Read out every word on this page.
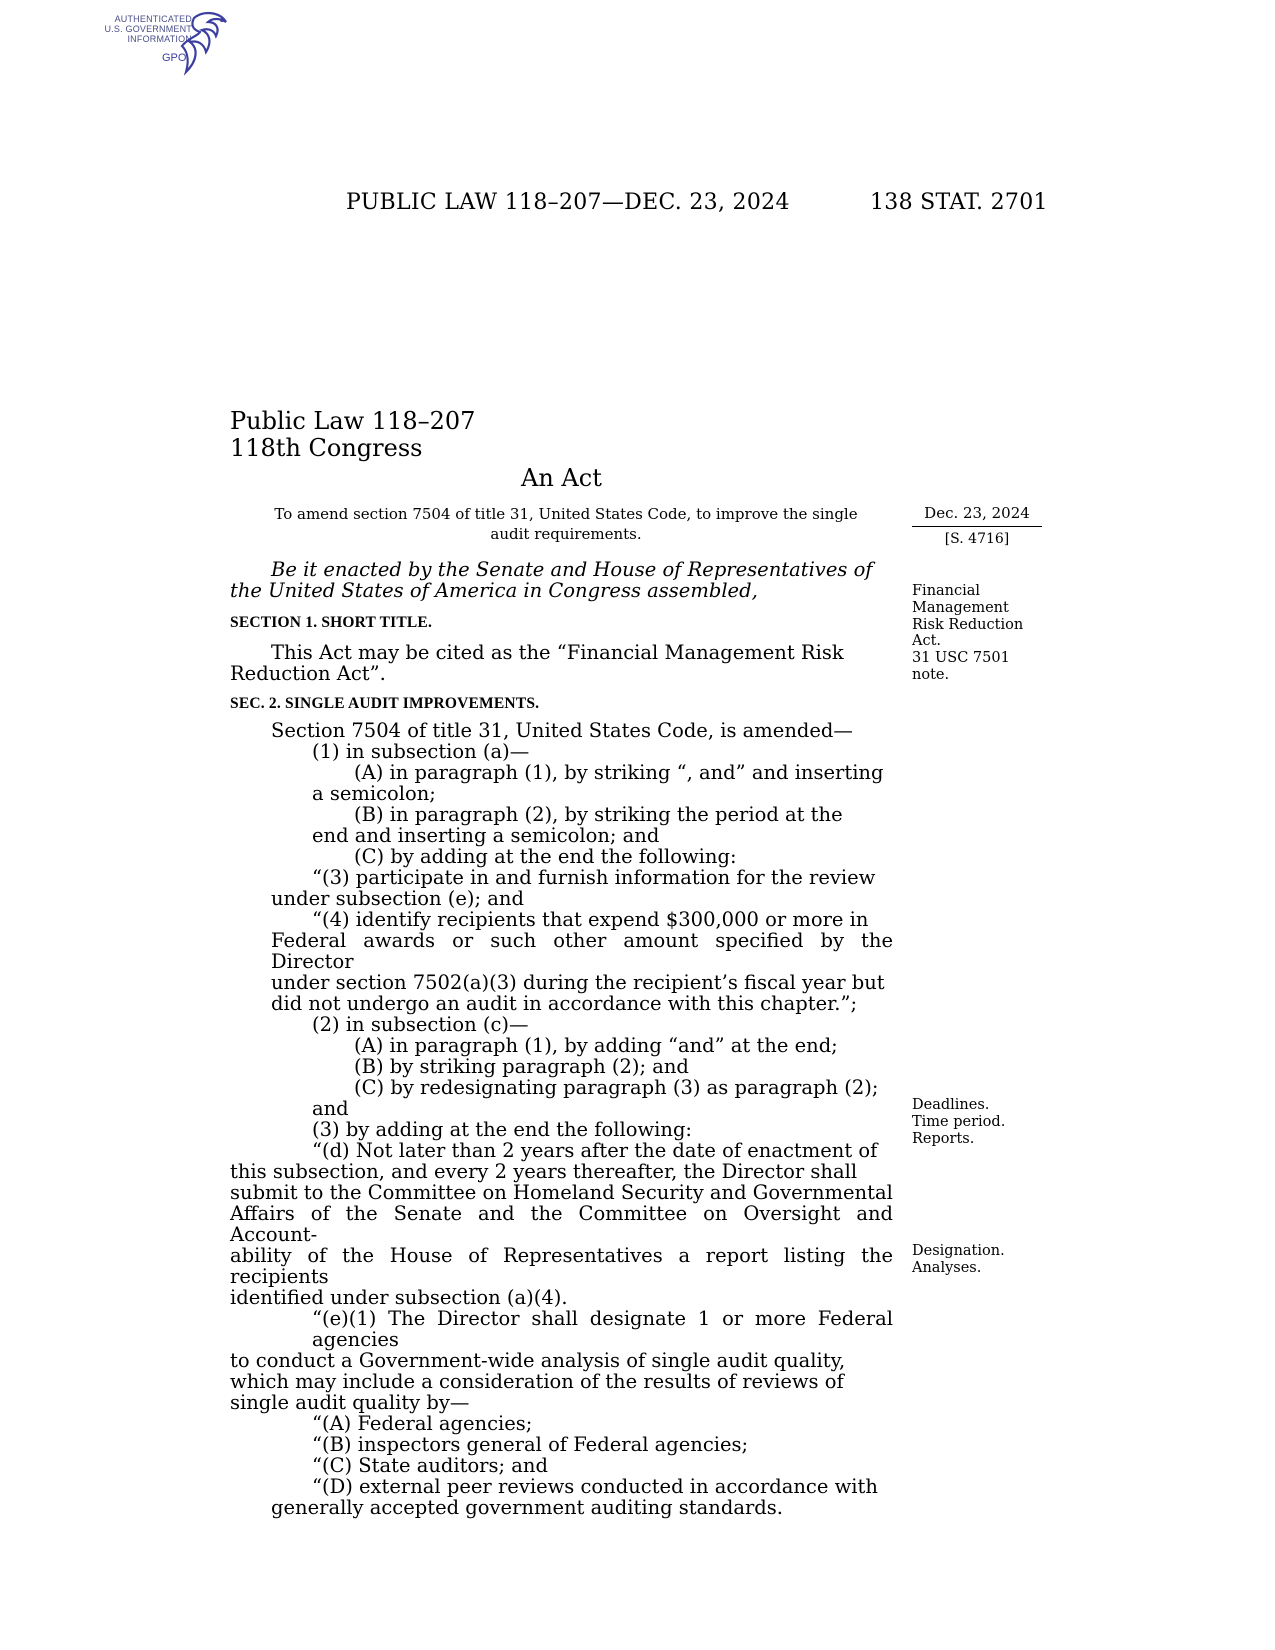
AUTHENTICATED
U.S. GOVERNMENT
INFORMATION
GPO
PUBLIC LAW 118–207—DEC. 23, 2024	138 STAT. 2701
Public Law 118–207
118th Congress
An Act
To amend section 7504 of title 31, United States Code, to improve the single
audit requirements.
Dec. 23, 2024
[S. 4716]

Be it enacted by the Senate and House of Representatives of

the United States of America in Congress assembled,

SECTION 1. SHORT TITLE.

This Act may be cited as the “Financial Management Risk

Reduction Act”.

SEC. 2. SINGLE AUDIT IMPROVEMENTS.

Section 7504 of title 31, United States Code, is amended—

(1) in subsection (a)—

(A) in paragraph (1), by striking “, and” and inserting

a semicolon;

(B) in paragraph (2), by striking the period at the

end and inserting a semicolon; and

(C) by adding at the end the following:

“(3) participate in and furnish information for the review

under subsection (e); and

“(4) identify recipients that expend $300,000 or more in

Federal awards or such other amount specified by the Director

under section 7502(a)(3) during the recipient’s fiscal year but

did not undergo an audit in accordance with this chapter.”;

(2) in subsection (c)—

(A) in paragraph (1), by adding “and” at the end;

(B) by striking paragraph (2); and

(C) by redesignating paragraph (3) as paragraph (2);

and

(3) by adding at the end the following:

“(d) Not later than 2 years after the date of enactment of

this subsection, and every 2 years thereafter, the Director shall

submit to the Committee on Homeland Security and Governmental

Affairs of the Senate and the Committee on Oversight and Account-

ability of the House of Representatives a report listing the recipients

identified under subsection (a)(4).

“(e)(1) The Director shall designate 1 or more Federal agencies

to conduct a Government-wide analysis of single audit quality,

which may include a consideration of the results of reviews of

single audit quality by—

“(A) Federal agencies;

“(B) inspectors general of Federal agencies;

“(C) State auditors; and

“(D) external peer reviews conducted in accordance with

generally accepted government auditing standards.

Financial
Management
Risk Reduction
Act.
31 USC 7501
note.
Deadlines.
Time period.
Reports.
Designation.
Analyses.
